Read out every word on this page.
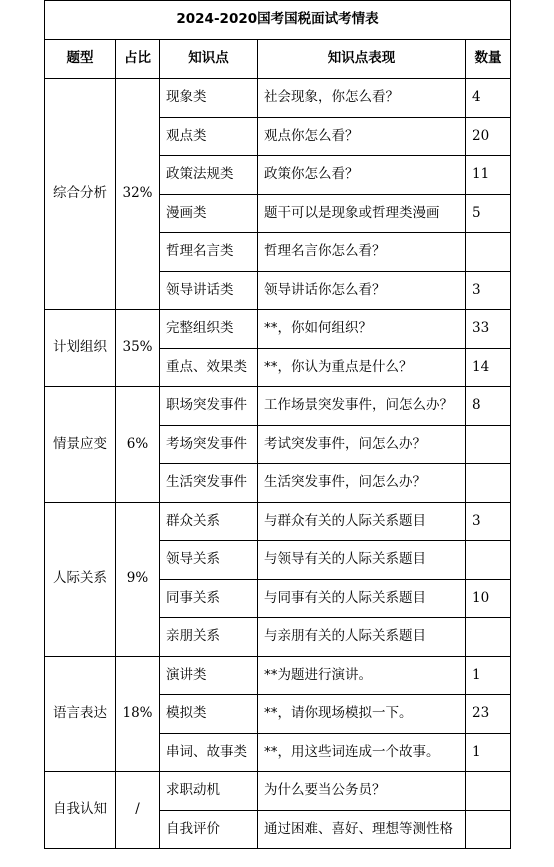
2024-2020国考国税面试考情表				
题型	占比	知识点	知识点表现	数量
综合分析	32%	现象类	社会现象，你怎么看？	4
		观点类	观点你怎么看？	20
		政策法规类	政策你怎么看？	11
		漫画类	题干可以是现象或哲理类漫画	5
		哲理名言类	哲理名言你怎么看？	
		领导讲话类	领导讲话你怎么看？	3
计划组织	35%	完整组织类	**，你如何组织？	33
		重点、效果类	**，你认为重点是什么？	14
情景应变	6%	职场突发事件	工作场景突发事件，问怎么办？	8
		考场突发事件	考试突发事件，问怎么办？	
		生活突发事件	生活突发事件，问怎么办？	
人际关系	9%	群众关系	与群众有关的人际关系题目	3
		领导关系	与领导有关的人际关系题目	
		同事关系	与同事有关的人际关系题目	10
		亲朋关系	与亲朋有关的人际关系题目	
语言表达	18%	演讲类	**为题进行演讲。	1
		模拟类	**，请你现场模拟一下。	23
		串词、故事类	**，用这些词连成一个故事。	1
自我认知	/	求职动机	为什么要当公务员？	
		自我评价	通过困难、喜好、理想等测性格	
